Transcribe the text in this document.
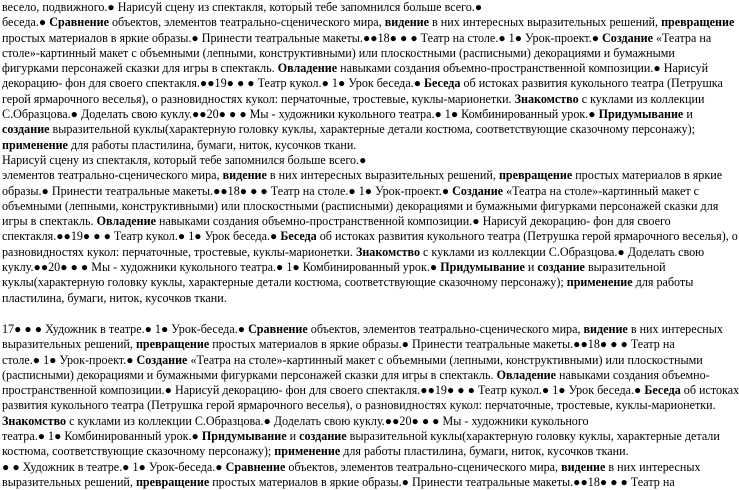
весело, подвижного.● Нарисуй сцену из спектакля, который тебе запомнился больше всего.●
беседа.● Сравнение объектов, элементов театрально-сценического мира, видение в них интересных выразительных решений, превращение
простых материалов в яркие образы.● Принести театральные макеты.●●18● ● ● Театр на столе.● 1● Урок-проект.● Создание «Театра на
столе»-картинный макет с объемными (лепными, конструктивными) или плоскостными (расписными) декорациями и бумажными
фигурками персонажей сказки для игры в спектакль. Овладение навыками создания объемно-пространственной композиции.● Нарисуй
декорацию- фон для своего спектакля.●●19● ● ● Театр кукол.● 1● Урок беседа.● Беседа об истоках развития кукольного театра (Петрушка
герой ярмарочного веселья), о разновидностях кукол: перчаточные, тростевые, куклы-марионетки. Знакомство с куклами из коллекции
С.Образцова.● Доделать свою куклу.●●20● ● ● Мы - художники кукольного театра.● 1● Комбинированный урок.● Придумывание и
создание выразительной куклы(характерную головку куклы, характерные детали костюма, соответствующие сказочному персонажу);
применение для работы пластилина, бумаги, ниток, кусочков ткани.
Нарисуй сцену из спектакля, который тебе запомнился больше всего.●
элементов театрально-сценического мира, видение в них интересных выразительных решений, превращение простых материалов в яркие
образы.● Принести театральные макеты.●●18● ● ● Театр на столе.● 1● Урок-проект.● Создание «Театра на столе»-картинный макет с
объемными (лепными, конструктивными) или плоскостными (расписными) декорациями и бумажными фигурками персонажей сказки для
игры в спектакль. Овладение навыками создания объемно-пространственной композиции.● Нарисуй декорацию- фон для своего
спектакля.●●19● ● ● Театр кукол.● 1● Урок беседа.● Беседа об истоках развития кукольного театра (Петрушка герой ярмарочного веселья), о
разновидностях кукол: перчаточные, тростевые, куклы-марионетки. Знакомство с куклами из коллекции С.Образцова.● Доделать свою
куклу.●●20● ● ● Мы - художники кукольного театра.● 1● Комбинированный урок.● Придумывание и создание выразительной
куклы(характерную головку куклы, характерные детали костюма, соответствующие сказочному персонажу); применение для работы
пластилина, бумаги, ниток, кусочков ткани.
17● ● ● Художник в театре.● 1● Урок-беседа.● Сравнение объектов, элементов театрально-сценического мира, видение в них интересных
выразительных решений, превращение простых материалов в яркие образы.● Принести театральные макеты.●●18● ● ● Театр на
столе.● 1● Урок-проект.● Создание «Театра на столе»-картинный макет с объемными (лепными, конструктивными) или плоскостными
(расписными) декорациями и бумажными фигурками персонажей сказки для игры в спектакль. Овладение навыками создания объемно-
пространственной композиции.● Нарисуй декорацию- фон для своего спектакля.●●19● ● ● Театр кукол.● 1● Урок беседа.● Беседа об истоках
развития кукольного театра (Петрушка герой ярмарочного веселья), о разновидностях кукол: перчаточные, тростевые, куклы-марионетки.
Знакомство с куклами из коллекции С.Образцова.● Доделать свою куклу.●●20● ● ● Мы - художники кукольного
театра.● 1● Комбинированный урок.● Придумывание и создание выразительной куклы(характерную головку куклы, характерные детали
костюма, соответствующие сказочному персонажу); применение для работы пластилина, бумаги, ниток, кусочков ткани.
● ● Художник в театре.● 1● Урок-беседа.● Сравнение объектов, элементов театрально-сценического мира, видение в них интересных
выразительных решений, превращение простых материалов в яркие образы.● Принести театральные макеты.●●18● ● ● Театр на
